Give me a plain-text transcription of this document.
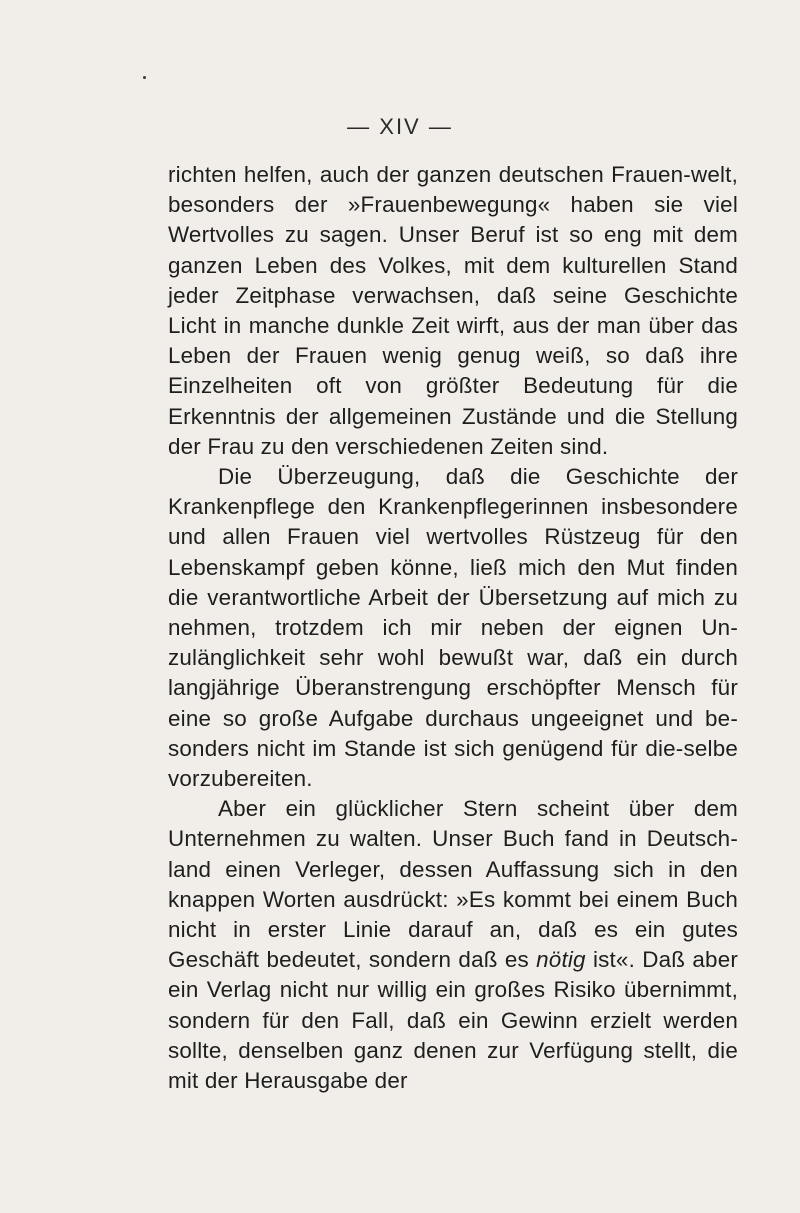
— XIV —

richten helfen, auch der ganzen deutschen Frauen-welt, besonders der »Frauenbewegung« haben sie viel Wertvolles zu sagen. Unser Beruf ist so eng mit dem ganzen Leben des Volkes, mit dem kulturellen Stand jeder Zeitphase verwachsen, daß seine Geschichte Licht in manche dunkle Zeit wirft, aus der man über das Leben der Frauen wenig genug weiß, so daß ihre Einzelheiten oft von größter Bedeutung für die Erkenntnis der allgemeinen Zustände und die Stellung der Frau zu den verschiedenen Zeiten sind.

Die Überzeugung, daß die Geschichte der Krankenpflege den Krankenpflegerinnen insbesondere und allen Frauen viel wertvolles Rüstzeug für den Lebenskampf geben könne, ließ mich den Mut finden die verantwortliche Arbeit der Übersetzung auf mich zu nehmen, trotzdem ich mir neben der eignen Un-zulänglichkeit sehr wohl bewußt war, daß ein durch langjährige Überanstrengung erschöpfter Mensch für eine so große Aufgabe durchaus ungeeignet und be-sonders nicht im Stande ist sich genügend für die-selbe vorzubereiten.

Aber ein glücklicher Stern scheint über dem Unternehmen zu walten. Unser Buch fand in Deutsch-land einen Verleger, dessen Auffassung sich in den knappen Worten ausdrückt: »Es kommt bei einem Buch nicht in erster Linie darauf an, daß es ein gutes Geschäft bedeutet, sondern daß es nötig ist«. Daß aber ein Verlag nicht nur willig ein großes Risiko übernimmt, sondern für den Fall, daß ein Gewinn erzielt werden sollte, denselben ganz denen zur Verfügung stellt, die mit der Herausgabe der
